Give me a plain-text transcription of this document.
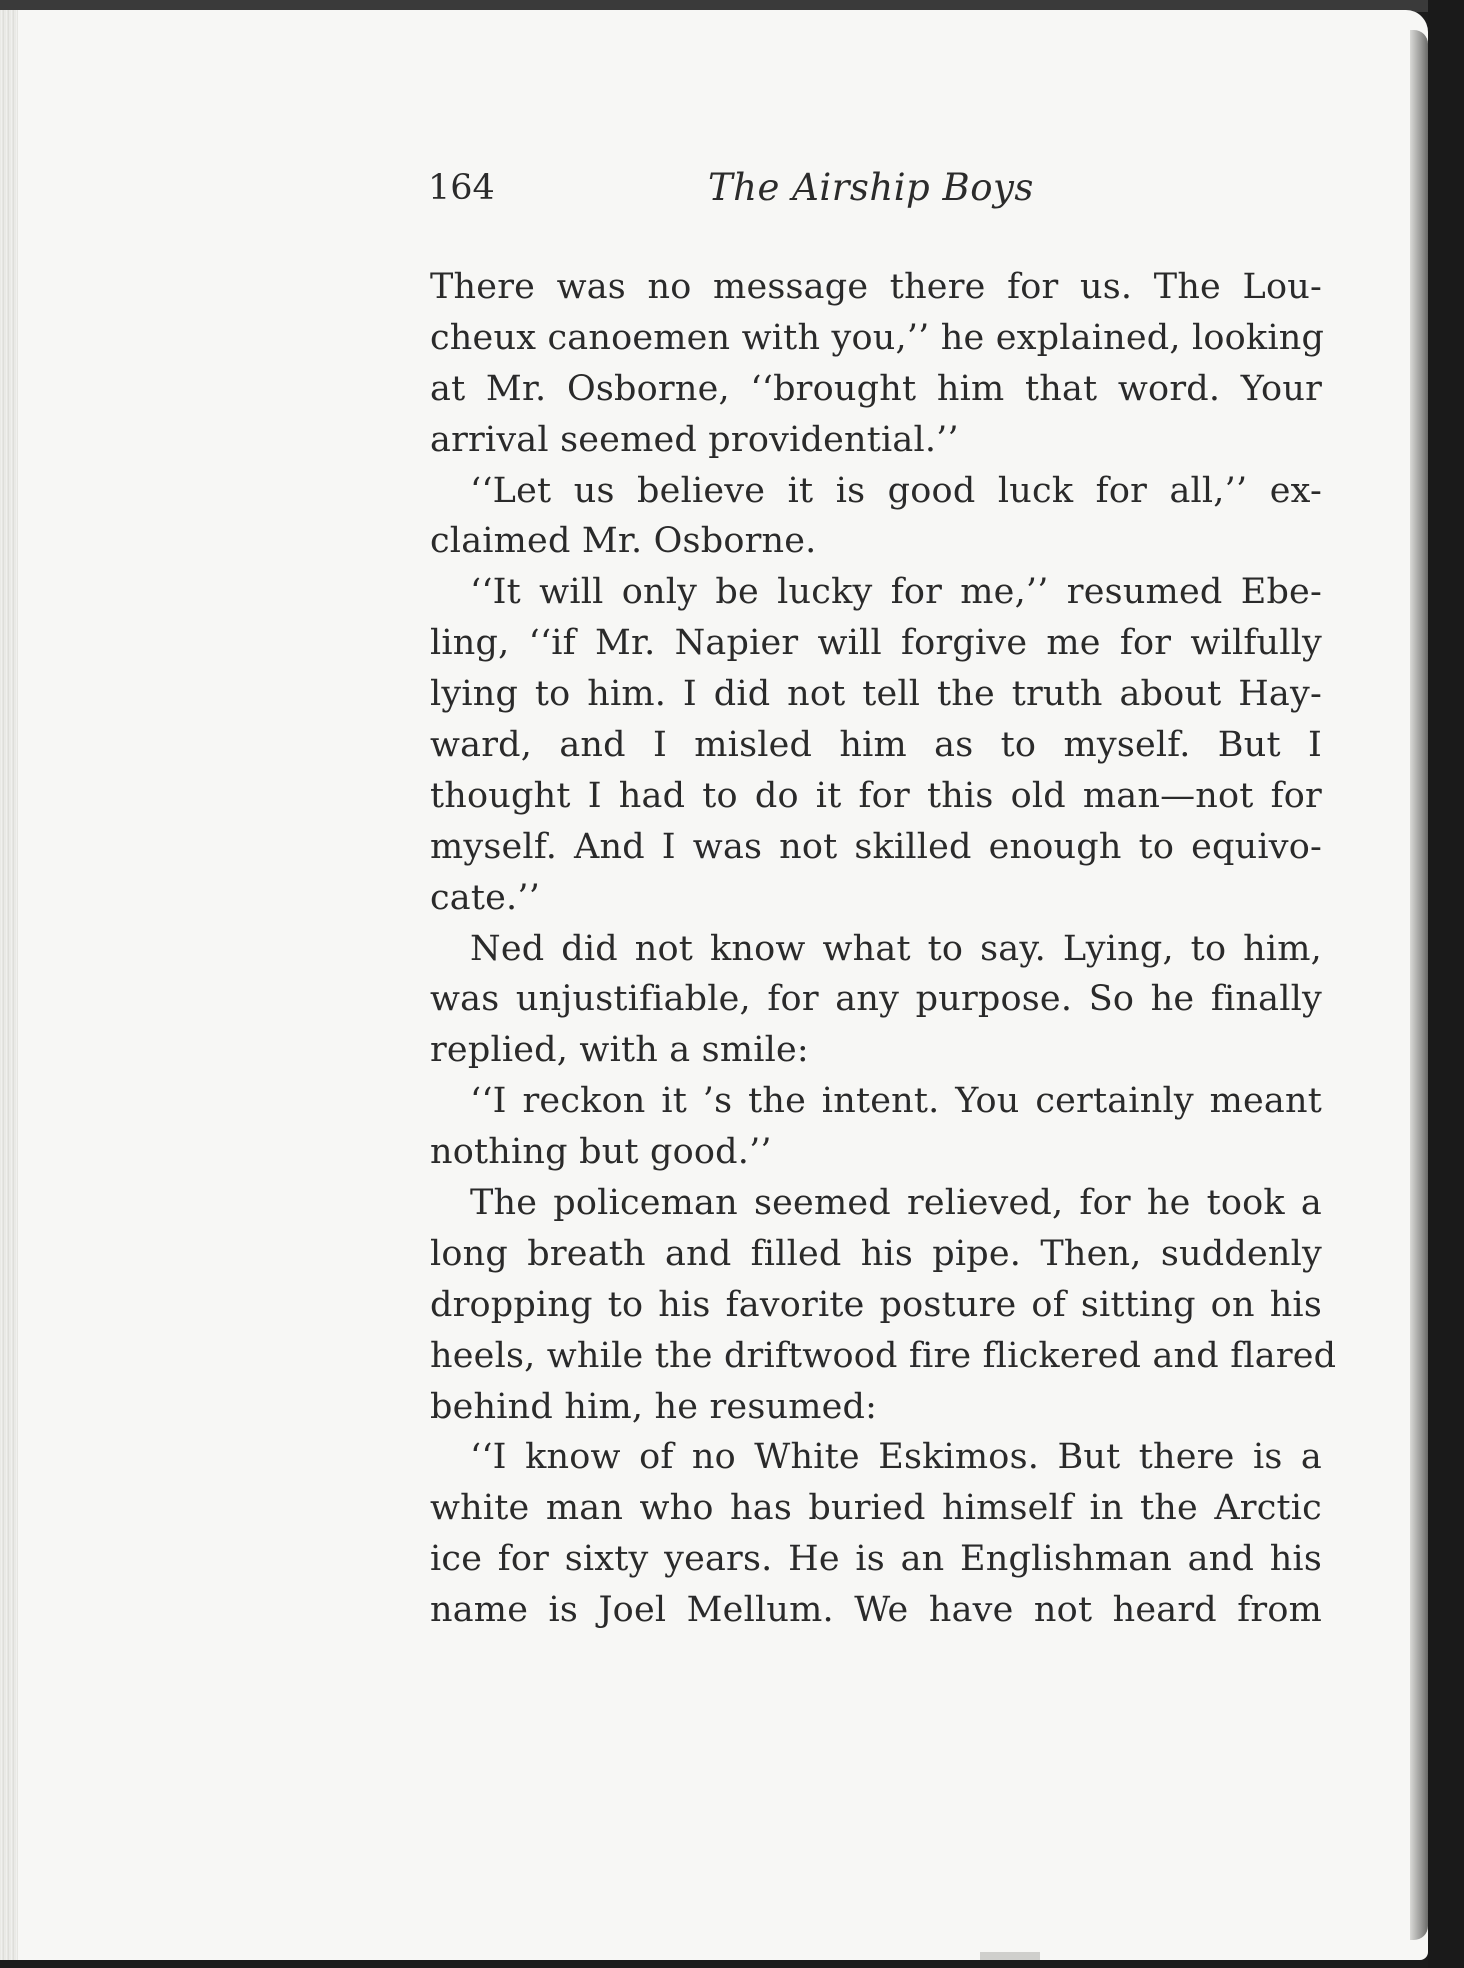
164	The Airship Boys
There was no message there for us. The Lou-
cheux canoemen with you,’’ he explained, looking
at Mr. Osborne, ‘‘brought him that word. Your
arrival seemed providential.’’
‘‘Let us believe it is good luck for all,’’ ex-
claimed Mr. Osborne.
‘‘It will only be lucky for me,’’ resumed Ebe-
ling, ‘‘if Mr. Napier will forgive me for wilfully
lying to him. I did not tell the truth about Hay-
ward, and I misled him as to myself. But I
thought I had to do it for this old man—not for
myself. And I was not skilled enough to equivo-
cate.’’
Ned did not know what to say. Lying, to him,
was unjustifiable, for any purpose. So he finally
replied, with a smile:
‘‘I reckon it ’s the intent. You certainly meant
nothing but good.’’
The policeman seemed relieved, for he took a
long breath and filled his pipe. Then, suddenly
dropping to his favorite posture of sitting on his
heels, while the driftwood fire flickered and flared
behind him, he resumed:
‘‘I know of no White Eskimos. But there is a
white man who has buried himself in the Arctic
ice for sixty years. He is an Englishman and his
name is Joel Mellum. We have not heard from
